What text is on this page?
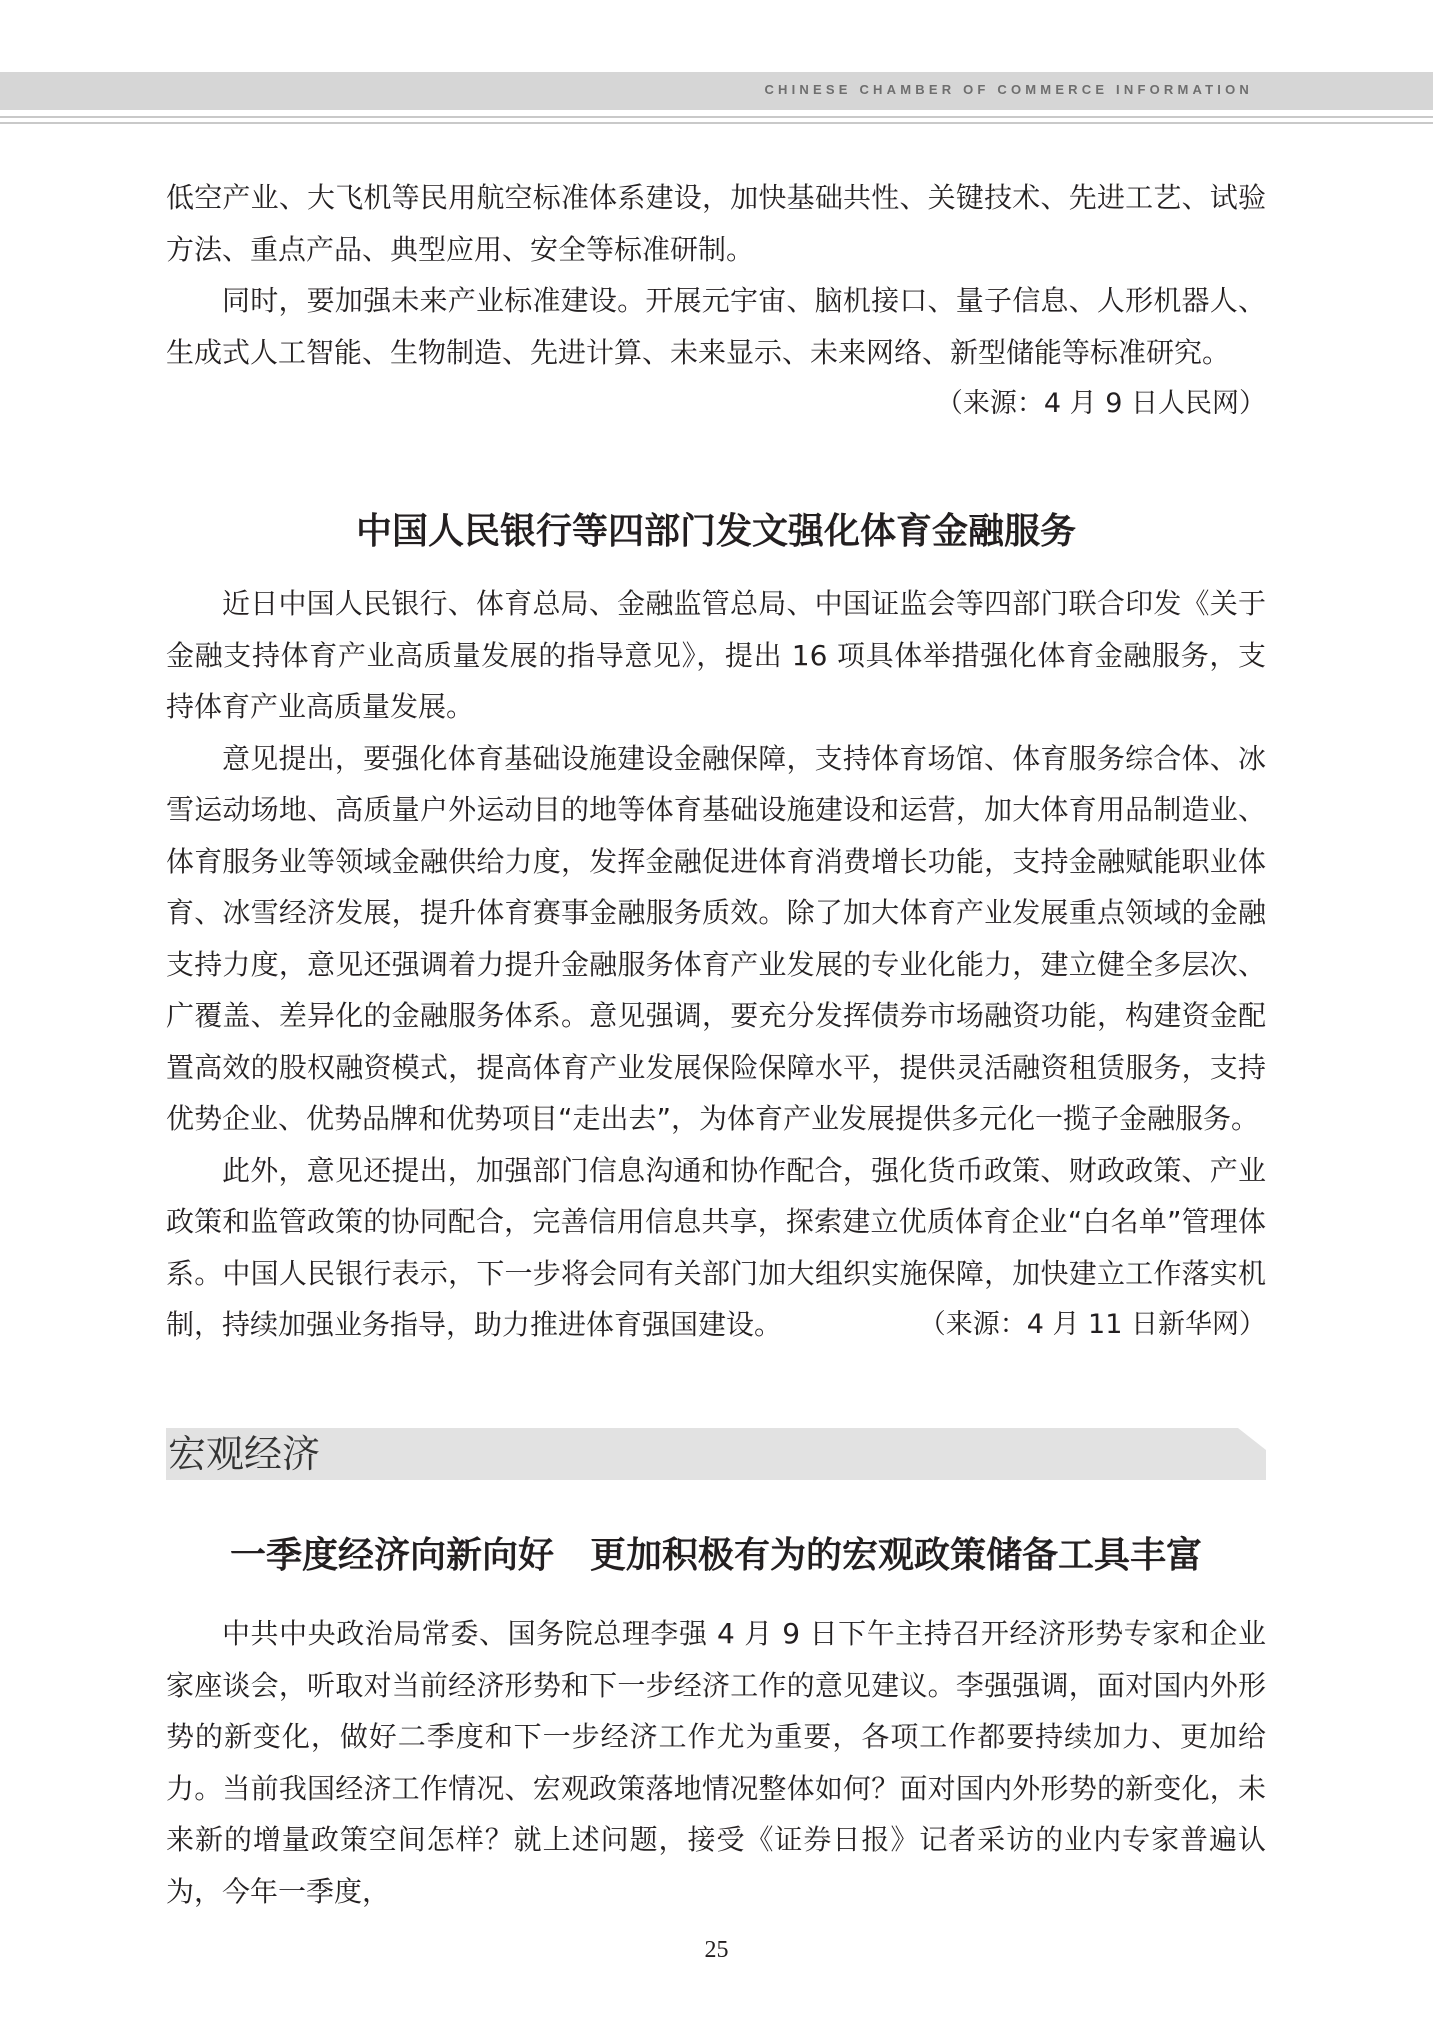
CHINESE CHAMBER OF COMMERCE INFORMATION

低空产业、大飞机等民用航空标准体系建设，加快基础共性、关键技术、先进工艺、试验方法、重点产品、典型应用、安全等标准研制。

同时，要加强未来产业标准建设。开展元宇宙、脑机接口、量子信息、人形机器人、生成式人工智能、生物制造、先进计算、未来显示、未来网络、新型储能等标准研究。

（来源：4 月 9 日人民网）
中国人民银行等四部门发文强化体育金融服务

近日中国人民银行、体育总局、金融监管总局、中国证监会等四部门联合印发《关于金融支持体育产业高质量发展的指导意见》，提出 16 项具体举措强化体育金融服务，支持体育产业高质量发展。

意见提出，要强化体育基础设施建设金融保障，支持体育场馆、体育服务综合体、冰雪运动场地、高质量户外运动目的地等体育基础设施建设和运营，加大体育用品制造业、体育服务业等领域金融供给力度，发挥金融促进体育消费增长功能，支持金融赋能职业体育、冰雪经济发展，提升体育赛事金融服务质效。除了加大体育产业发展重点领域的金融支持力度，意见还强调着力提升金融服务体育产业发展的专业化能力，建立健全多层次、广覆盖、差异化的金融服务体系。意见强调，要充分发挥债券市场融资功能，构建资金配置高效的股权融资模式，提高体育产业发展保险保障水平，提供灵活融资租赁服务，支持优势企业、优势品牌和优势项目“走出去”，为体育产业发展提供多元化一揽子金融服务。

此外，意见还提出，加强部门信息沟通和协作配合，强化货币政策、财政政策、产业政策和监管政策的协同配合，完善信用信息共享，探索建立优质体育企业“白名单”管理体系。中国人民银行表示，下一步将会同有关部门加大组织实施保障，加快建立工作落实机制，持续加强业务指导，助力推进体育强国建设。	（来源：4 月 11 日新华网）

宏观经济
一季度经济向新向好　更加积极有为的宏观政策储备工具丰富

中共中央政治局常委、国务院总理李强 4 月 9 日下午主持召开经济形势专家和企业家座谈会，听取对当前经济形势和下一步经济工作的意见建议。李强强调，面对国内外形势的新变化，做好二季度和下一步经济工作尤为重要，各项工作都要持续加力、更加给力。当前我国经济工作情况、宏观政策落地情况整体如何？面对国内外形势的新变化，未来新的增量政策空间怎样？就上述问题，接受《证券日报》记者采访的业内专家普遍认为，今年一季度，

25
